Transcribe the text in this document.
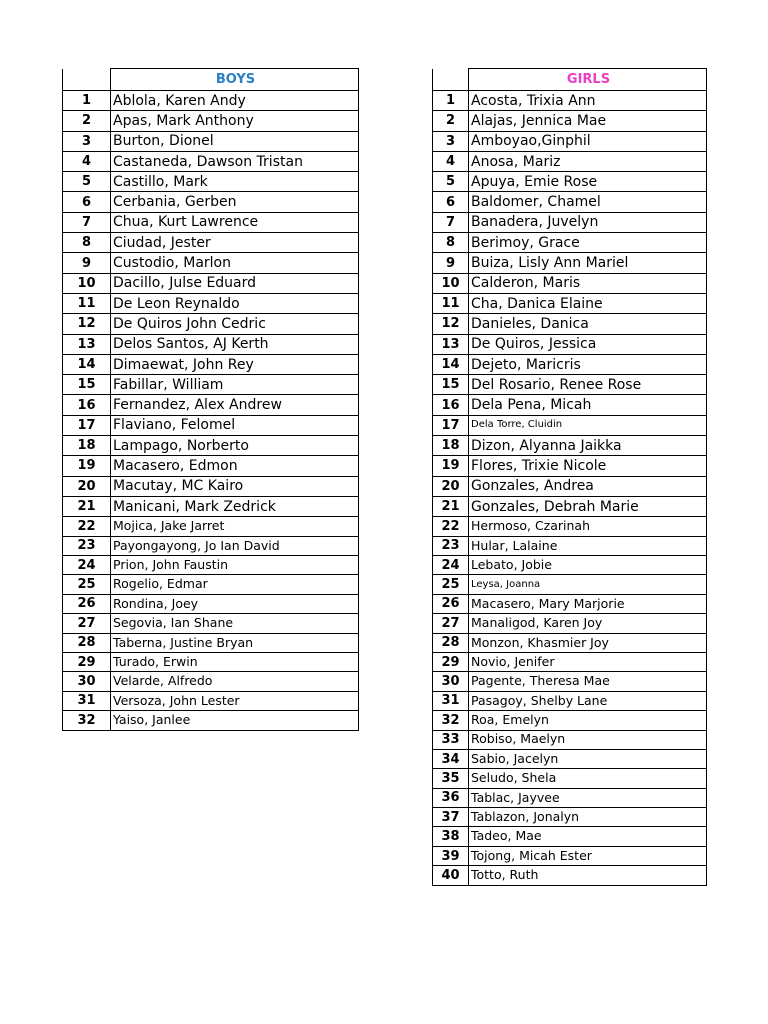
	BOYS
1	Ablola, Karen Andy
2	Apas, Mark Anthony
3	Burton, Dionel
4	Castaneda, Dawson Tristan
5	Castillo, Mark
6	Cerbania, Gerben
7	Chua, Kurt Lawrence
8	Ciudad, Jester
9	Custodio, Marlon
10	Dacillo, Julse Eduard
11	De Leon Reynaldo
12	De Quiros John Cedric
13	Delos Santos, AJ Kerth
14	Dimaewat, John Rey
15	Fabillar, William
16	Fernandez, Alex Andrew
17	Flaviano, Felomel
18	Lampago, Norberto
19	Macasero, Edmon
20	Macutay, MC Kairo
21	Manicani, Mark Zedrick
22	Mojica, Jake Jarret
23	Payongayong, Jo Ian David
24	Prion, John Faustin
25	Rogelio, Edmar
26	Rondina, Joey
27	Segovia, Ian Shane
28	Taberna, Justine Bryan
29	Turado, Erwin
30	Velarde, Alfredo
31	Versoza, John Lester
32	Yaiso, Janlee
	GIRLS
1	Acosta, Trixia Ann
2	Alajas, Jennica Mae
3	Amboyao,Ginphil
4	Anosa, Mariz
5	Apuya, Emie Rose
6	Baldomer, Chamel
7	Banadera, Juvelyn
8	Berimoy, Grace
9	Buiza, Lisly Ann Mariel
10	Calderon, Maris
11	Cha, Danica Elaine
12	Danieles, Danica
13	De Quiros, Jessica
14	Dejeto, Maricris
15	Del Rosario, Renee Rose
16	Dela Pena, Micah
17	Dela Torre, Cluidin
18	Dizon, Alyanna Jaikka
19	Flores, Trixie Nicole
20	Gonzales, Andrea
21	Gonzales, Debrah Marie
22	Hermoso, Czarinah
23	Hular, Lalaine
24	Lebato, Jobie
25	Leysa, Joanna
26	Macasero, Mary Marjorie
27	Manaligod, Karen Joy
28	Monzon, Khasmier Joy
29	Novio, Jenifer
30	Pagente, Theresa Mae
31	Pasagoy, Shelby Lane
32	Roa, Emelyn
33	Robiso, Maelyn
34	Sabio, Jacelyn
35	Seludo, Shela
36	Tablac, Jayvee
37	Tablazon, Jonalyn
38	Tadeo, Mae
39	Tojong, Micah Ester
40	Totto, Ruth
